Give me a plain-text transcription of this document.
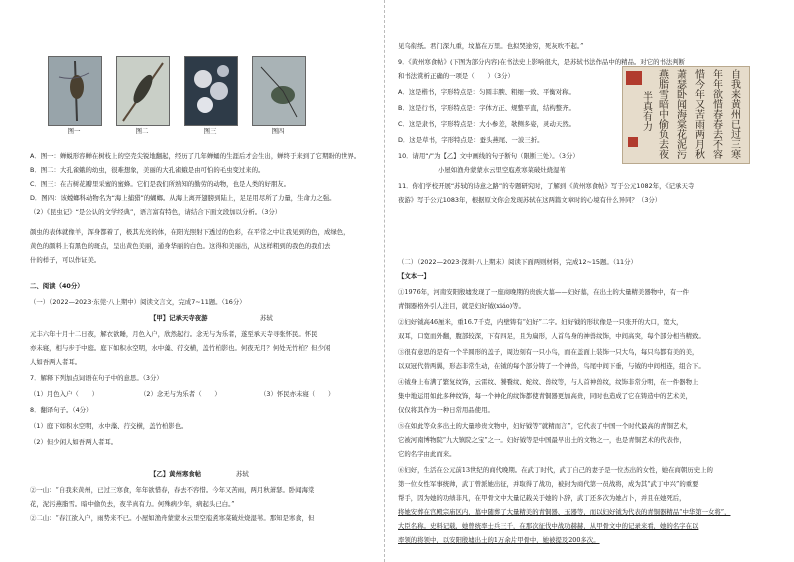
图一	图二	图三	图四
A．图一：蝉蜕形容蝉在树枝上的空壳尖锐地翻起，经历了几年蝉蛹的生涯后才会生出，蝉终于来到了它期盼的世界。
B．图二：大孔雀蛾的幼虫，很难想象，美丽的大孔雀蛾是由可怕的毛虫变过来的。
C．图三：在吉树花瓣里采蜜的蜜蜂。它们是我们所熟知的勤劳的动物，也是人类的好朋友。
D．图四：该螳螂科动物名为“海上捕猎”的蝴螂。从海上离开翅膀到陆上，足足用尽所了力量，生命力之强。
（2）《昆虫记》“是公认的文学经典”，语言富有特色，请结合下面文段加以分析。（3分）
颜虫的表体就像羊，浑身都着了，极其光亮的体，在阳光照射下透过的色彩，在平常之中让我见到的色，成绿色，
黄色的颜料上有黑色的斑点，呈出黄色美丽，通身华丽的白色。这得和美丽出，从这样粗到的我色的我们去
什的样子，可以作证美。
二、阅读（40分）
（一）（2022—2023·东莞·八上期中）阅读文言文，完成7~11题。（16分）
【甲】记承天寺夜游	苏轼
元丰六年十月十二日夜，解衣欲睡，月色入户，欣然起行。念无与为乐者，遂至承天寺寻张怀民。怀民
亦未寝，相与步于中庭。庭下如积水空明，水中藻、荇交横，盖竹柏影也。何夜无月？何处无竹柏？但少闲
人如吾两人者耳。
7．解释下列加点词语在句子中的意思。（3分）
（1）月色入户（　　）	（2）念无与为乐者（　　）	（3）怀民亦未寝（　　）
8．翻译句子。（4分）
（1）庭下如积水空明，水中藻、荇交横，盖竹柏影也。
（2）但少闲人如吾两人者耳。
【乙】黄州寒食帖	苏轼
②一山：“自我来黄州，已过三寒食，年年欲惜春，春去不容惜。今年又苦雨，两月秋萧瑟。卧闻海棠
花，泥污燕脂雪。暗中偷负去，夜半真有力。何殊病少年，病起头已白。”
②二山：“春江欲入户，雨势来不已。小屋如渔舟蒙蒙水云里空庖煮寒菜破灶烧湿苇。那知是寒食，但
见乌衔纸。君门深九重，坟墓在万里。也拟哭途穷，死灰吹不起。”
9．《黄州寒食帖》(下图为部分内容)在书法史上影响很大，是苏轼书法作品中的精品。对它的书法判断
和书法赏析正确的一项是（　　）（3分）
A．这是楷书，字形特点是：匀圆丰腴、粗细一致、平衡对称。
B．这是行书，字形特点是：字体方正、规整平直，结构整齐。
C．这是隶书，字形特点是：大小参差，欹侧多姿，灵动天然。
D．这是草书，字形特点是：蚕头燕尾、一波三折。
自我来黄州已过三寒
年年欲惜春春去不容
惜今年又苦雨两月秋
萧瑟卧闻海棠花泥污
燕脂雪暗中偷负去夜
半真有力
10．请用“/”为【乙】文中画线的句子断句（限断三处）。（3分）
小屋如渔舟蒙蒙水云里空庖煮寒菜破灶烧湿苇
11．你们学校开展“苏轼的诗意之路”的专题研究时，了解到《黄州寒食帖》写于公元1082年，《记承天寺
夜游》写于公元1083年，根据原文你会发现苏轼在这两篇文章时的心境有什么异同？（3分）
（二）（2022—2023·深圳·八上期末）阅读下面两则材料，完成12~15题。（11分）
【文本一】
①1976年，河南安阳殷墟发现了一座商晚期的贵族大墓——妇好墓，在出土的大量精美器物中，有一件
青铜器格外引人注目，就是妇好钺(xiáo)等。
②妇好钺高46厘米，重16.7千克，内壁铸有“妇好”二字。妇好钺的形状像是一只张开的大口，宽大，
双耳，口宽而外翻，腹部较深，下有四足，且为扁形，人首鸟身的神兽纹饰，中间高突，每个部分相当精致。
③很有意思的是有一个半圆形的盖子，周边刻有一只小鸟，而在盖面上装饰一只大鸟，每只鸟都有美的美，
以双冠代替两翼，形态非常生动，在钺的每个部分铸了一个神兽，鸟尾中间下垂，与钺的中间相连，组合下。
④钺身上布满了繁复纹饰，云雷纹、饕餮纹、蛇纹、兽纹等，与人首神兽纹，纹饰非常分明，在一件器物上
集中地运用如此多种纹饰，每一个神化的纹饰都使青铜器更加高贵，同时也造成了它在铸造中的艺术美，
仅仅将其作为一种日常用品使用。
⑤在如此等众多出土的大量珍贵文物中，妇好钺等“就精而言”，它代表了中国一个时代最高的青铜艺术，
它被河南博物院“九大镇院之宝”之一。妇好钺等是中国最早出土的文物之一，也是青铜艺术的代表作，
它的名字由此而来。
⑥妇好，生活在公元前13世纪的商代晚期。在武丁时代，武丁自己的妻子是一位杰出的女性，她在商朝历史上的
第一位女性军事统帅，武丁曾派她出征，并取得了战功，被封为商代第一员战将，成为其“武丁中兴”的重要
帮手，因为她的功绩非凡，在甲骨文中大量记载关于她的卜辞，武丁还多次为她占卜，并且在她死后，
将她安葬在宫殿宗庙区内，墓中随葬了大量精美的青铜器、玉器等，而以妇好钺为代表的青铜器精品“中华第一女将”，
大臣名称。史料记载，她曾统率士兵三千，在那次征伐中战功赫赫，从甲骨文中的记录来看，她的名字在以
率领的将领中，以安阳殷墟出土的1万余片甲骨中，她被提及200多次。
